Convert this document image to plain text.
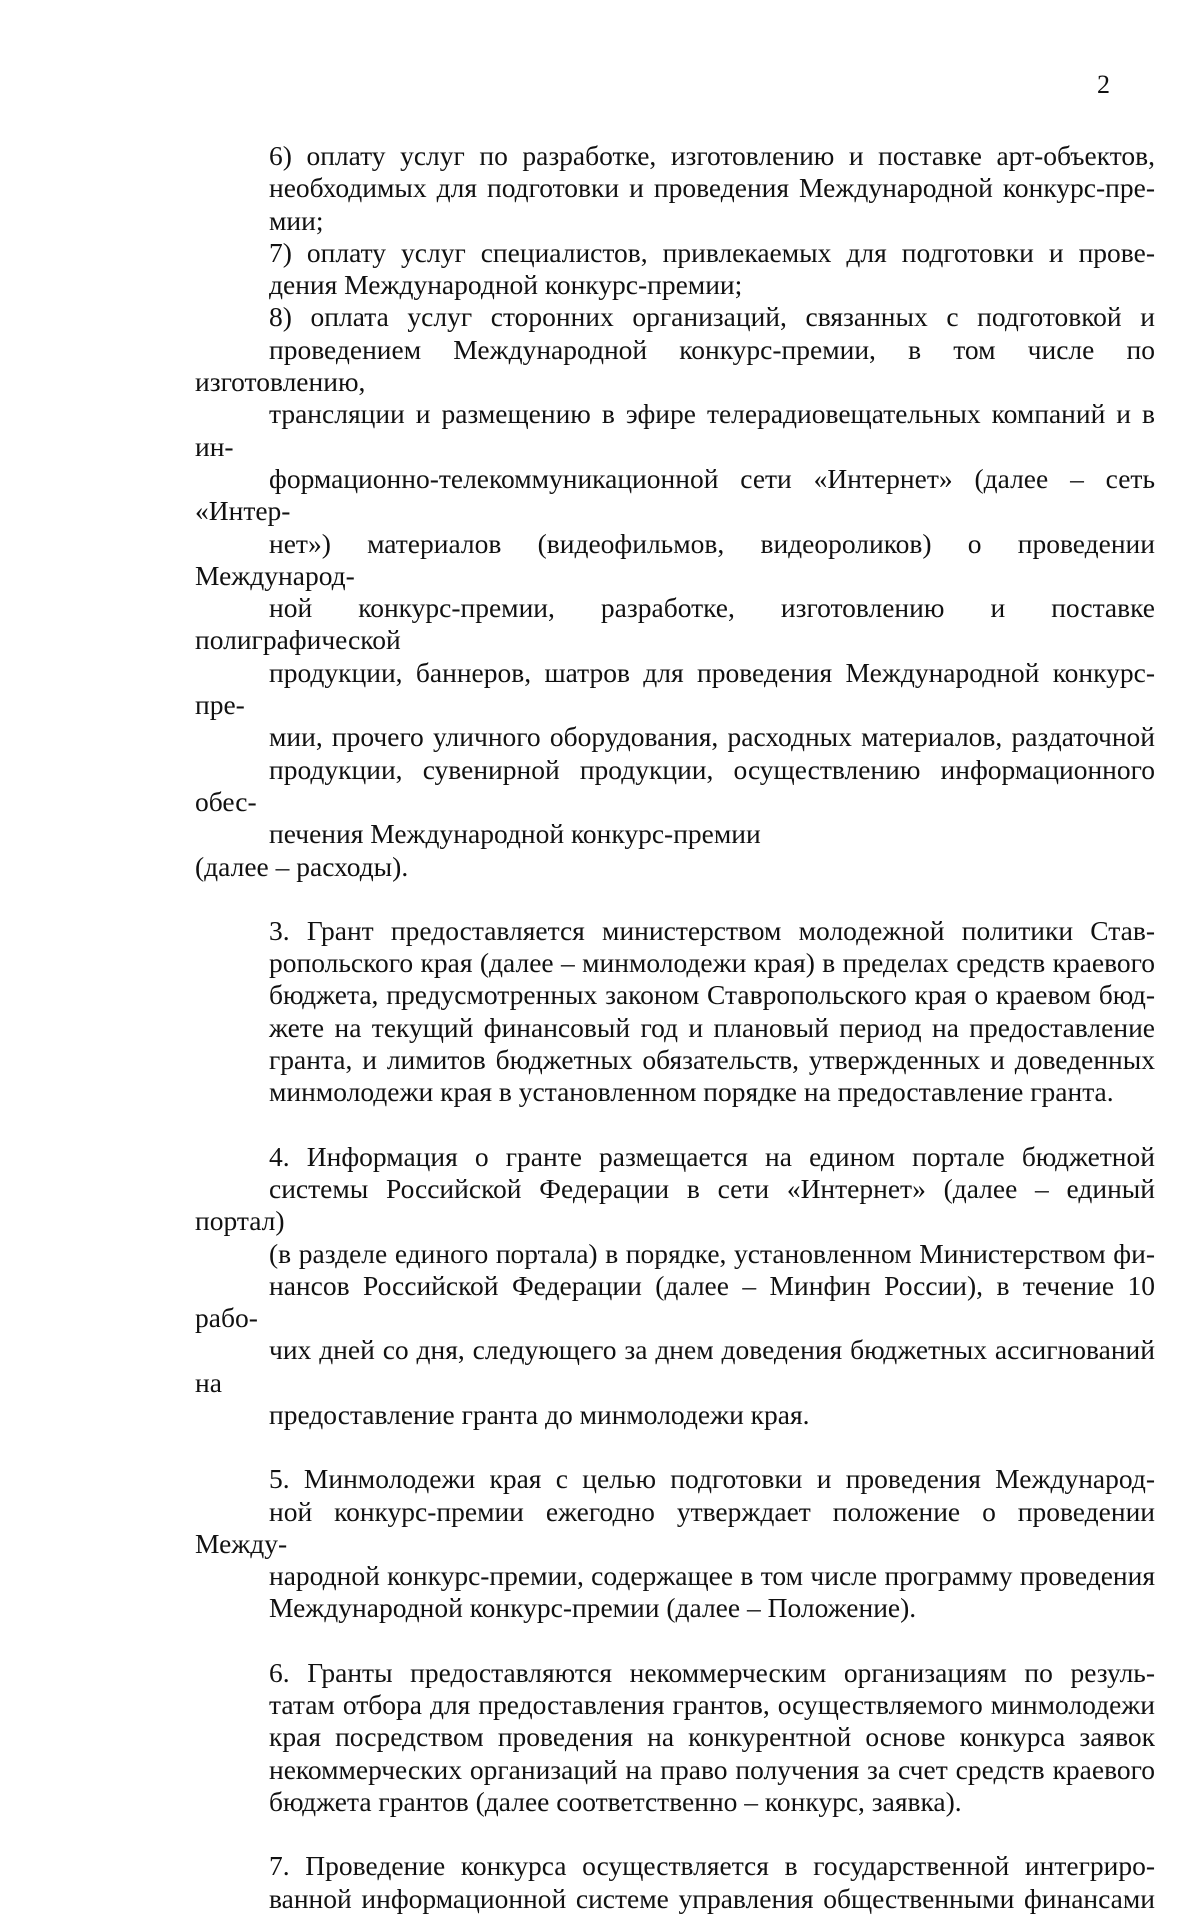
2
6) оплату услуг по разработке, изготовлению и поставке арт-объектов,
необходимых для подготовки и проведения Международной конкурс-пре-
мии;
7) оплату услуг специалистов, привлекаемых для подготовки и прове-
дения Международной конкурс-премии;
8) оплата услуг сторонних организаций, связанных с подготовкой и
проведением Международной конкурс-премии, в том числе по изготовлению,
трансляции и размещению в эфире телерадиовещательных компаний и в ин-
формационно-телекоммуникационной сети «Интернет» (далее – сеть «Интер-
нет») материалов (видеофильмов, видеороликов) о проведении Международ-
ной конкурс-премии, разработке, изготовлению и поставке полиграфической
продукции, баннеров, шатров для проведения Международной конкурс-пре-
мии, прочего уличного оборудования, расходных материалов, раздаточной
продукции, сувенирной продукции, осуществлению информационного обес-
печения Международной конкурс-премии
(далее – расходы).
3. Грант предоставляется министерством молодежной политики Став-
ропольского края (далее – минмолодежи края) в пределах средств краевого
бюджета, предусмотренных законом Ставропольского края о краевом бюд-
жете на текущий финансовый год и плановый период на предоставление
гранта, и лимитов бюджетных обязательств, утвержденных и доведенных
минмолодежи края в установленном порядке на предоставление гранта.
4. Информация о гранте размещается на едином портале бюджетной
системы Российской Федерации в сети «Интернет» (далее – единый портал)
(в разделе единого портала) в порядке, установленном Министерством фи-
нансов Российской Федерации (далее – Минфин России), в течение 10 рабо-
чих дней со дня, следующего за днем доведения бюджетных ассигнований на
предоставление гранта до минмолодежи края.
5. Минмолодежи края с целью подготовки и проведения Международ-
ной конкурс-премии ежегодно утверждает положение о проведении Между-
народной конкурс-премии, содержащее в том числе программу проведения
Международной конкурс-премии (далее – Положение).
6. Гранты предоставляются некоммерческим организациям по резуль-
татам отбора для предоставления грантов, осуществляемого минмолодежи
края посредством проведения на конкурентной основе конкурса заявок
некоммерческих организаций на право получения за счет средств краевого
бюджета грантов (далее соответственно – конкурс, заявка).
7. Проведение конкурса осуществляется в государственной интегриро-
ванной информационной системе управления общественными финансами
